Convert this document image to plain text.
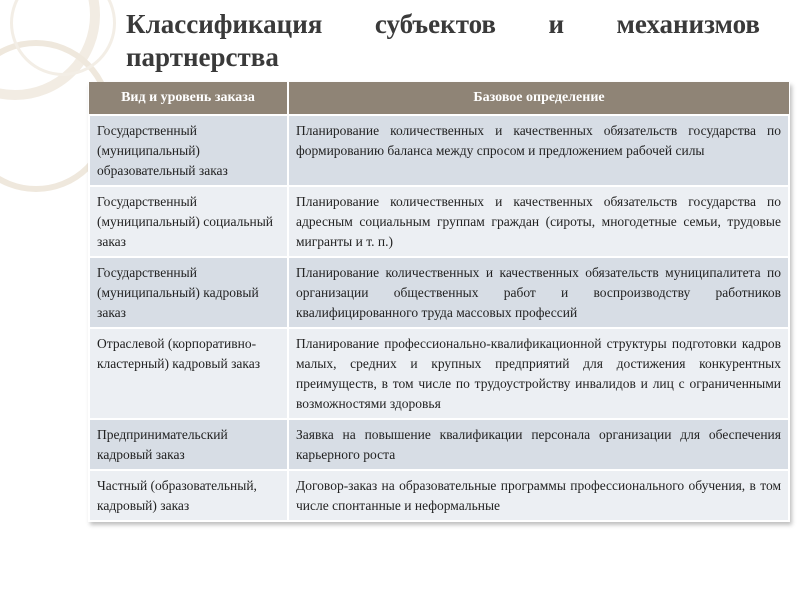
Классификация субъектов и механизмов партнерства
Вид и уровень заказа	Базовое определение
Государственный (муниципальный) образовательный заказ	Планирование количественных и качественных обязательств государства по формированию баланса между спросом и предложением рабочей силы
Государственный (муниципальный) социальный заказ	Планирование количественных и качественных обязательств государства по адресным социальным группам граждан (сироты, многодетные семьи, трудовые мигранты и т. п.)
Государственный (муниципальный) кадровый заказ	Планирование количественных и качественных обязательств муниципалитета по организации общественных работ и воспроизводству работников квалифицированного труда массовых профессий
Отраслевой (корпоративно-кластерный) кадровый заказ	Планирование профессионально-квалификационной структуры подготовки кадров малых, средних и крупных предприятий для достижения конкурентных преимуществ, в том числе по трудоустройству инвалидов и лиц с ограниченными возможностями здоровья
Предпринимательский кадровый заказ	Заявка на повышение квалификации персонала организации для обеспечения карьерного роста
Частный (образовательный, кадровый) заказ	Договор-заказ на образовательные программы профессионального обучения, в том числе спонтанные и неформальные
